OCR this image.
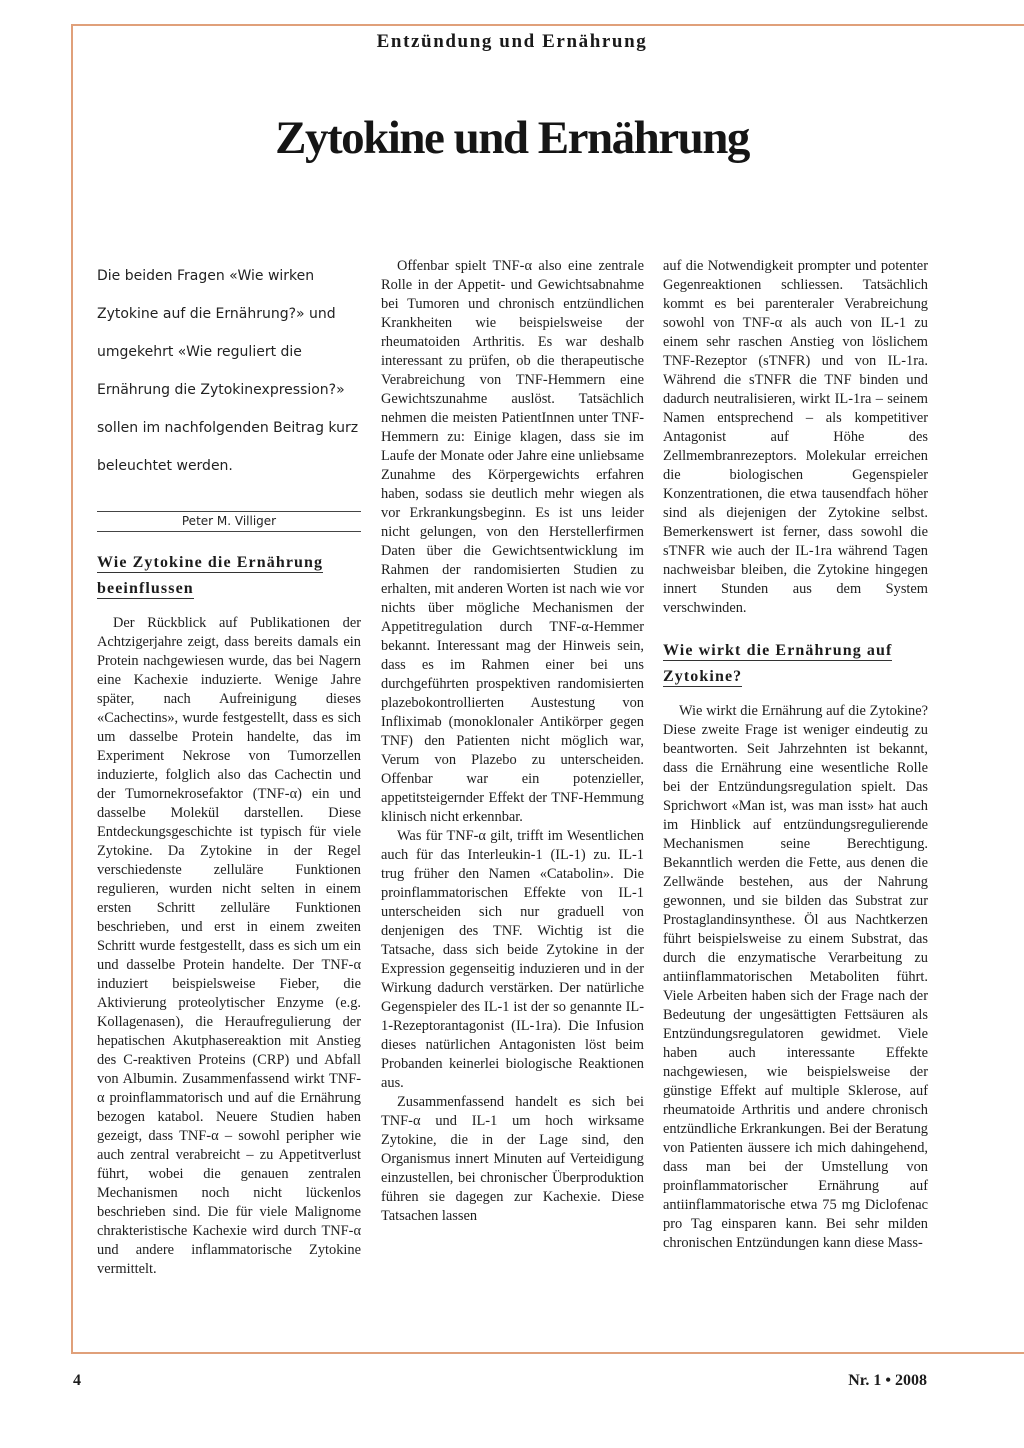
Entzündung und Ernährung
Zytokine und Ernährung

Die beiden Fragen «Wie wirken Zytokine auf die Ernährung?» und umgekehrt «Wie reguliert die Ernährung die Zytokinexpression?» sollen im nachfolgenden Beitrag kurz beleuchtet werden.

Peter M. Villiger
Wie Zytokine die Ernährung beeinflussen

Der Rückblick auf Publikationen der Achtzigerjahre zeigt, dass bereits damals ein Protein nachgewiesen wurde, das bei Nagern eine Kachexie induzierte. Wenige Jahre später, nach Aufreinigung dieses «Cachectins», wurde festgestellt, dass es sich um dasselbe Protein handelte, das im Experiment Nekrose von Tumorzellen induzierte, folglich also das Cachectin und der Tumornekrosefaktor (TNF-α) ein und dasselbe Molekül darstellen. Diese Entdeckungsgeschichte ist typisch für viele Zytokine. Da Zytokine in der Regel verschiedenste zelluläre Funktionen regulieren, wurden nicht selten in einem ersten Schritt zelluläre Funktionen beschrieben, und erst in einem zweiten Schritt wurde festgestellt, dass es sich um ein und dasselbe Protein handelte. Der TNF-α induziert beispielsweise Fieber, die Aktivierung proteolytischer Enzyme (e.g. Kollagenasen), die Heraufregulierung der hepatischen Akutphasereaktion mit Anstieg des C-reaktiven Proteins (CRP) und Abfall von Albumin. Zusammenfassend wirkt TNF-α proinflammatorisch und auf die Ernährung bezogen katabol. Neuere Studien haben gezeigt, dass TNF-α – sowohl peripher wie auch zentral verabreicht – zu Appetitverlust führt, wobei die genauen zentralen Mechanismen noch nicht lückenlos beschrieben sind. Die für viele Malignome chrakteristische Kachexie wird durch TNF-α und andere inflammatorische Zytokine vermittelt.

Offenbar spielt TNF-α also eine zentrale Rolle in der Appetit- und Gewichtsabnahme bei Tumoren und chronisch entzündlichen Krankheiten wie beispielsweise der rheumatoiden Arthritis. Es war deshalb interessant zu prüfen, ob die therapeutische Verabreichung von TNF-Hemmern eine Gewichtszunahme auslöst. Tatsächlich nehmen die meisten PatientInnen unter TNF-Hemmern zu: Einige klagen, dass sie im Laufe der Monate oder Jahre eine unliebsame Zunahme des Körpergewichts erfahren haben, sodass sie deutlich mehr wiegen als vor Erkrankungsbeginn. Es ist uns leider nicht gelungen, von den Herstellerfirmen Daten über die Gewichtsentwicklung im Rahmen der randomisierten Studien zu erhalten, mit anderen Worten ist nach wie vor nichts über mögliche Mechanismen der Appetitregulation durch TNF-α-Hemmer bekannt. Interessant mag der Hinweis sein, dass es im Rahmen einer bei uns durchgeführten prospektiven randomisierten plazebokontrollierten Austestung von Infliximab (monoklonaler Antikörper gegen TNF) den Patienten nicht möglich war, Verum von Plazebo zu unterscheiden. Offenbar war ein potenzieller, appetitsteigernder Effekt der TNF-Hemmung klinisch nicht erkennbar.

Was für TNF-α gilt, trifft im Wesentlichen auch für das Interleukin-1 (IL-1) zu. IL-1 trug früher den Namen «Catabolin». Die proinflammatorischen Effekte von IL-1 unterscheiden sich nur graduell von denjenigen des TNF. Wichtig ist die Tatsache, dass sich beide Zytokine in der Expression gegenseitig induzieren und in der Wirkung dadurch verstärken. Der natürliche Gegenspieler des IL-1 ist der so genannte IL-1-Rezeptorantagonist (IL-1ra). Die Infusion dieses natürlichen Antagonisten löst beim Probanden keinerlei biologische Reaktionen aus.

Zusammenfassend handelt es sich bei TNF-α und IL-1 um hoch wirksame Zytokine, die in der Lage sind, den Organismus innert Minuten auf Verteidigung einzustellen, bei chronischer Überproduktion führen sie dagegen zur Kachexie. Diese Tatsachen lassen

auf die Notwendigkeit prompter und potenter Gegenreaktionen schliessen. Tatsächlich kommt es bei parenteraler Verabreichung sowohl von TNF-α als auch von IL-1 zu einem sehr raschen Anstieg von löslichem TNF-Rezeptor (sTNFR) und von IL-1ra. Während die sTNFR die TNF binden und dadurch neutralisieren, wirkt IL-1ra – seinem Namen entsprechend – als kompetitiver Antagonist auf Höhe des Zellmembranrezeptors. Molekular erreichen die biologischen Gegenspieler Konzentrationen, die etwa tausendfach höher sind als diejenigen der Zytokine selbst. Bemerkenswert ist ferner, dass sowohl die sTNFR wie auch der IL-1ra während Tagen nachweisbar bleiben, die Zytokine hingegen innert Stunden aus dem System verschwinden.

Wie wirkt die Ernährung auf Zytokine?

Wie wirkt die Ernährung auf die Zytokine? Diese zweite Frage ist weniger eindeutig zu beantworten. Seit Jahrzehnten ist bekannt, dass die Ernährung eine wesentliche Rolle bei der Entzündungsregulation spielt. Das Sprichwort «Man ist, was man isst» hat auch im Hinblick auf entzündungsregulierende Mechanismen seine Berechtigung. Bekanntlich werden die Fette, aus denen die Zellwände bestehen, aus der Nahrung gewonnen, und sie bilden das Substrat zur Prostaglandinsynthese. Öl aus Nachtkerzen führt beispielsweise zu einem Substrat, das durch die enzymatische Verarbeitung zu antiinflammatorischen Metaboliten führt. Viele Arbeiten haben sich der Frage nach der Bedeutung der ungesättigten Fettsäuren als Entzündungsregulatoren gewidmet. Viele haben auch interessante Effekte nachgewiesen, wie beispielsweise der günstige Effekt auf multiple Sklerose, auf rheumatoide Arthritis und andere chronisch entzündliche Erkrankungen. Bei der Beratung von Patienten äussere ich mich dahingehend, dass man bei der Umstellung von proinflammatorischer Ernährung auf antiinflammatorische etwa 75 mg Diclofenac pro Tag einsparen kann. Bei sehr milden chronischen Entzündungen kann diese Mass-

4	Nr. 1 • 2008
